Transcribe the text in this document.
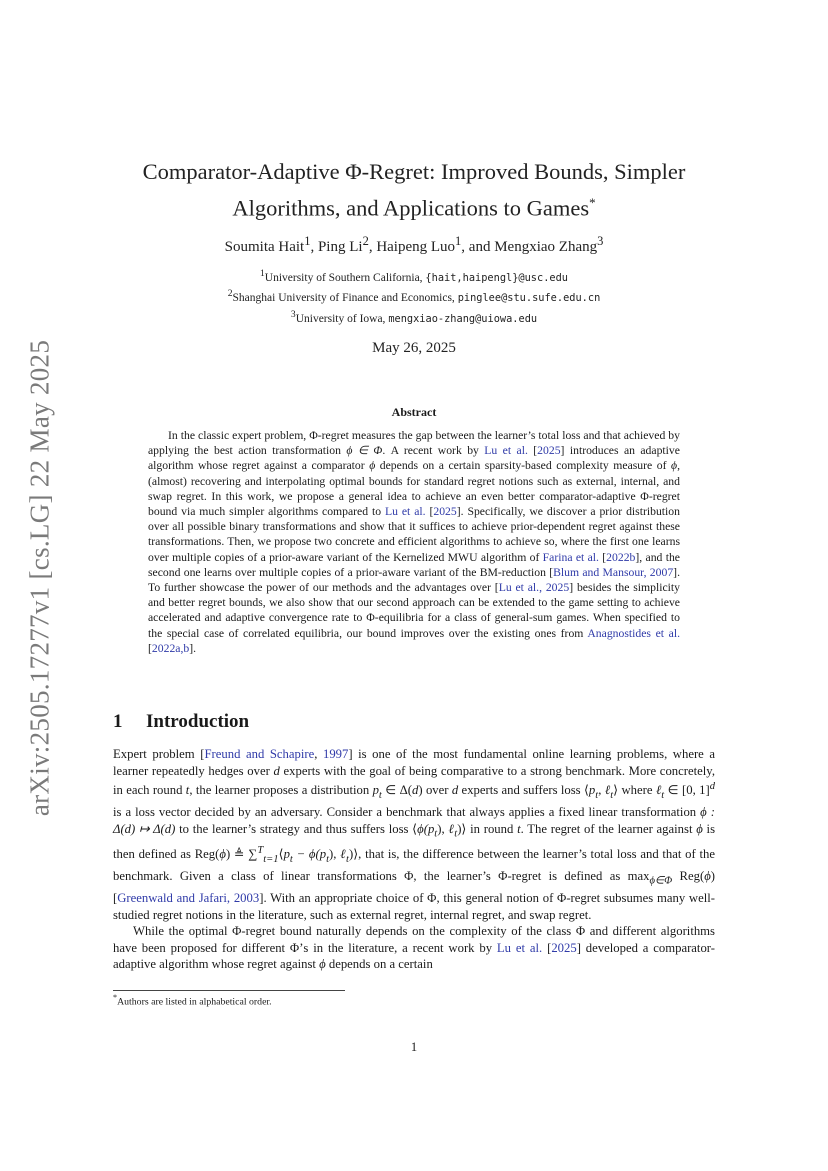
arXiv:2505.17277v1 [cs.LG] 22 May 2025
Comparator-Adaptive Φ-Regret: Improved Bounds, Simpler
Algorithms, and Applications to Games*
Soumita Hait$^1$, Ping Li$^2$, Haipeng Luo$^1$, and Mengxiao Zhang$^3$
$^1$University of Southern California, {hait,haipengl}@usc.edu
$^2$Shanghai University of Finance and Economics, pinglee@stu.sufe.edu.cn
$^3$University of Iowa, mengxiao-zhang@uiowa.edu
May 26, 2025
Abstract

In the classic expert problem, Φ-regret measures the gap between the learner’s total loss and that achieved by applying the best action transformation ϕ ∈ Φ. A recent work by Lu et al. [2025] introduces an adaptive algorithm whose regret against a comparator ϕ depends on a certain sparsity-based complexity measure of ϕ, (almost) recovering and interpolating optimal bounds for standard regret notions such as external, internal, and swap regret. In this work, we propose a general idea to achieve an even better comparator-adaptive Φ-regret bound via much simpler algorithms compared to Lu et al. [2025]. Specifically, we discover a prior distribution over all possible binary transformations and show that it suffices to achieve prior-dependent regret against these transformations. Then, we propose two concrete and efficient algorithms to achieve so, where the first one learns over multiple copies of a prior-aware variant of the Kernelized MWU algorithm of Farina et al. [2022b], and the second one learns over multiple copies of a prior-aware variant of the BM-reduction [Blum and Mansour, 2007]. To further showcase the power of our methods and the advantages over [Lu et al., 2025] besides the simplicity and better regret bounds, we also show that our second approach can be extended to the game setting to achieve accelerated and adaptive convergence rate to Φ-equilibria for a class of general-sum games. When specified to the special case of correlated equilibria, our bound improves over the existing ones from Anagnostides et al. [2022a,b].

1 Introduction

Expert problem [Freund and Schapire, 1997] is one of the most fundamental online learning problems, where a learner repeatedly hedges over d experts with the goal of being comparative to a strong benchmark. More concretely, in each round t, the learner proposes a distribution $p_t$ ∈ Δ(d) over d experts and suffers loss $⟨p_t$, ℓ$_t$⟩ where ℓ$_t$ ∈ [0, 1]$^d$ is a loss vector decided by an adversary. Consider a benchmark that always applies a fixed linear transformation ϕ : Δ(d) ↦ Δ(d) to the learner’s strategy and thus suffers loss $⟨\phi(p_t)$, ℓ$_t$)⟩ in round t. The regret of the learner against ϕ is then defined as Reg(ϕ) ≜ $\sum^T_{t=1}⟨p_t - \phi(p_t)$, ℓ$_t$)⟩, that is, the difference between the learner’s total loss and that of the benchmark. Given a class of linear transformations Φ, the learner’s Φ-regret is defined as $\max_{\phi\in\Phi} Reg(\phi)$ [Greenwald and Jafari, 2003]. With an appropriate choice of Φ, this general notion of Φ-regret subsumes many well-studied regret notions in the literature, such as external regret, internal regret, and swap regret.

While the optimal Φ-regret bound naturally depends on the complexity of the class Φ and different algorithms have been proposed for different Φ’s in the literature, a recent work by Lu et al. [2025] developed a comparator-adaptive algorithm whose regret against ϕ depends on a certain

*Authors are listed in alphabetical order.
1
